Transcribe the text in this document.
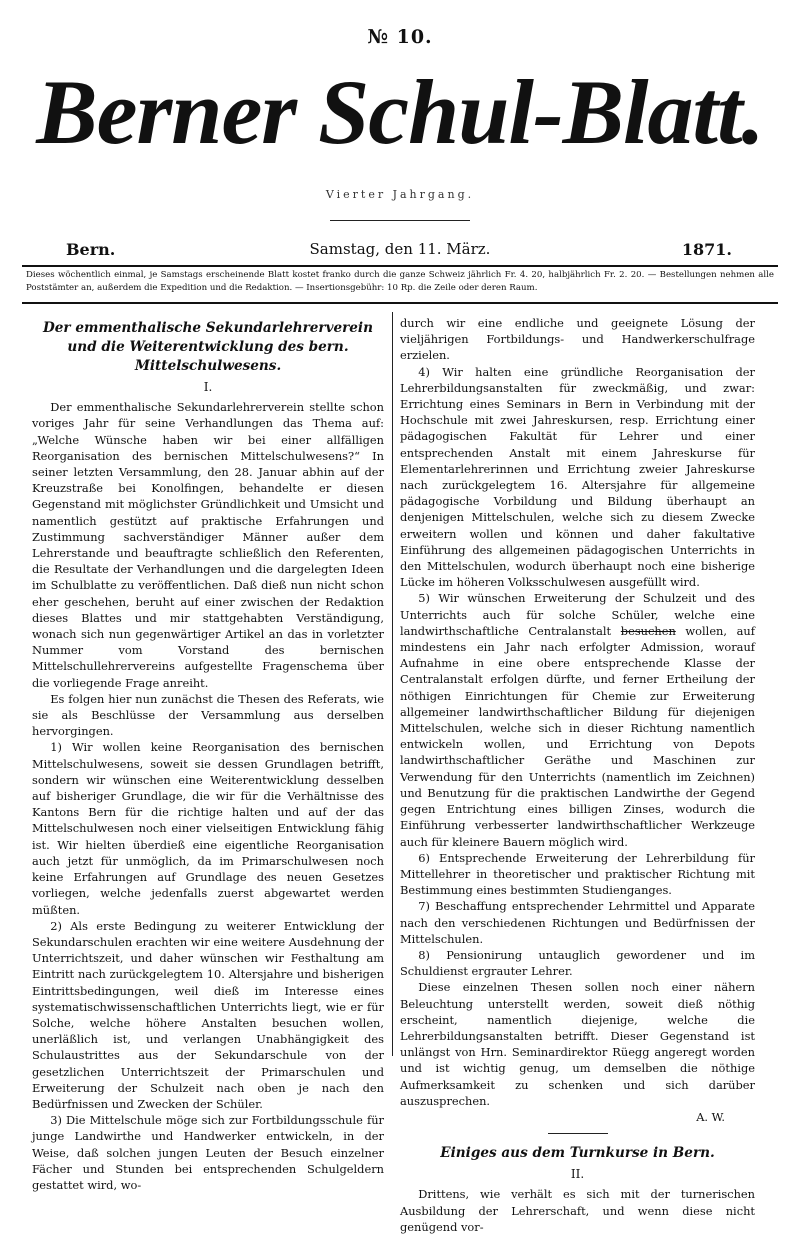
№ 10.
Berner Schul-Blatt.
Vierter Jahrgang.
Bern.	Samstag, den 11. März.	1871.
Dieses wöchentlich einmal, je Samstags erscheinende Blatt kostet franko durch die ganze Schweiz jährlich Fr. 4. 20, halbjährlich Fr. 2. 20. — Bestellungen nehmen alle Poststämter an, außerdem die Expedition und die Redaktion. — Insertionsgebühr: 10 Rp. die Zeile oder deren Raum.
Der emmenthalische Sekundarlehrerverein und die Weiterentwicklung des bern. Mittelschulwesens.
I.

Der emmenthalische Sekundarlehrerverein stellte schon voriges Jahr für seine Verhandlungen das Thema auf: „Welche Wünsche haben wir bei einer allfälligen Reorganisation des bernischen Mittelschulwesens?“ In seiner letzten Versammlung, den 28. Januar abhin auf der Kreuzstraße bei Konolfingen, behandelte er diesen Gegenstand mit möglichster Gründlichkeit und Umsicht und namentlich gestützt auf praktische Erfahrungen und Zustimmung sachverständiger Männer außer dem Lehrerstande und beauftragte schließlich den Referenten, die Resultate der Verhandlungen und die dargelegten Ideen im Schulblatte zu veröffentlichen. Daß dieß nun nicht schon eher geschehen, beruht auf einer zwischen der Redaktion dieses Blattes und mir stattgehabten Verständigung, wonach sich nun gegenwärtiger Artikel an das in vorletzter Nummer vom Vorstand des bernischen Mittelschullehrervereins aufgestellte Fragenschema über die vorliegende Frage anreiht.

Es folgen hier nun zunächst die Thesen des Referats, wie sie als Beschlüsse der Versammlung aus derselben hervorgingen.

1) Wir wollen keine Reorganisation des bernischen Mittelschulwesens, soweit sie dessen Grundlagen betrifft, sondern wir wünschen eine Weiterentwicklung desselben auf bisheriger Grundlage, die wir für die Verhältnisse des Kantons Bern für die richtige halten und auf der das Mittelschulwesen noch einer vielseitigen Entwicklung fähig ist. Wir hielten überdieß eine eigentliche Reorganisation auch jetzt für unmöglich, da im Primarschulwesen noch keine Erfahrungen auf Grundlage des neuen Gesetzes vorliegen, welche jedenfalls zuerst abgewartet werden müßten.

2) Als erste Bedingung zu weiterer Entwicklung der Sekundarschulen erachten wir eine weitere Ausdehnung der Unterrichtszeit, und daher wünschen wir Festhaltung am Eintritt nach zurückgelegtem 10. Altersjahre und bisherigen Eintrittsbedingungen, weil dieß im Interesse eines systematischwissenschaftlichen Unterrichts liegt, wie er für Solche, welche höhere Anstalten besuchen wollen, unerläßlich ist, und verlangen Unabhängigkeit des Schulaustrittes aus der Sekundarschule von der gesetzlichen Unterrichtszeit der Primarschulen und Erweiterung der Schulzeit nach oben je nach den Bedürfnissen und Zwecken der Schüler.

3) Die Mittelschule möge sich zur Fortbildungsschule für junge Landwirthe und Handwerker entwickeln, in der Weise, daß solchen jungen Leuten der Besuch einzelner Fächer und Stunden bei entsprechenden Schulgeldern gestattet wird, wo-

durch wir eine endliche und geeignete Lösung der vieljährigen Fortbildungs- und Handwerkerschulfrage erzielen.

4) Wir halten eine gründliche Reorganisation der Lehrerbildungsanstalten für zweckmäßig, und zwar: Errichtung eines Seminars in Bern in Verbindung mit der Hochschule mit zwei Jahreskursen, resp. Errichtung einer pädagogischen Fakultät für Lehrer und einer entsprechenden Anstalt mit einem Jahreskurse für Elementarlehrerinnen und Errichtung zweier Jahreskurse nach zurückgelegtem 16. Altersjahre für allgemeine pädagogische Vorbildung und Bildung überhaupt an denjenigen Mittelschulen, welche sich zu diesem Zwecke erweitern wollen und können und daher fakultative Einführung des allgemeinen pädagogischen Unterrichts in den Mittelschulen, wodurch überhaupt noch eine bisherige Lücke im höheren Volksschulwesen ausgefüllt wird.

5) Wir wünschen Erweiterung der Schulzeit und des Unterrichts auch für solche Schüler, welche eine landwirthschaftliche Centralanstalt besuchen wollen, auf mindestens ein Jahr nach erfolgter Admission, worauf Aufnahme in eine obere entsprechende Klasse der Centralanstalt erfolgen dürfte, und ferner Ertheilung der nöthigen Einrichtungen für Chemie zur Erweiterung allgemeiner landwirthschaftlicher Bildung für diejenigen Mittelschulen, welche sich in dieser Richtung namentlich entwickeln wollen, und Errichtung von Depots landwirthschaftlicher Geräthe und Maschinen zur Verwendung für den Unterrichts (namentlich im Zeichnen) und Benutzung für die praktischen Landwirthe der Gegend gegen Entrichtung eines billigen Zinses, wodurch die Einführung verbesserter landwirthschaftlicher Werkzeuge auch für kleinere Bauern möglich wird.

6) Entsprechende Erweiterung der Lehrerbildung für Mittellehrer in theoretischer und praktischer Richtung mit Bestimmung eines bestimmten Studienganges.

7) Beschaffung entsprechender Lehrmittel und Apparate nach den verschiedenen Richtungen und Bedürfnissen der Mittelschulen.

8) Pensionirung untauglich gewordener und im Schuldienst ergrauter Lehrer.

Diese einzelnen Thesen sollen noch einer nähern Beleuchtung unterstellt werden, soweit dieß nöthig erscheint, namentlich diejenige, welche die Lehrerbildungsanstalten betrifft. Dieser Gegenstand ist unlängst von Hrn. Seminardirektor Rüegg angeregt worden und ist wichtig genug, um demselben die nöthige Aufmerksamkeit zu schenken und sich darüber auszusprechen.

A. W.
Einiges aus dem Turnkurse in Bern.
II.

Drittens, wie verhält es sich mit der turnerischen Ausbildung der Lehrerschaft, und wenn diese nicht genügend vor-
